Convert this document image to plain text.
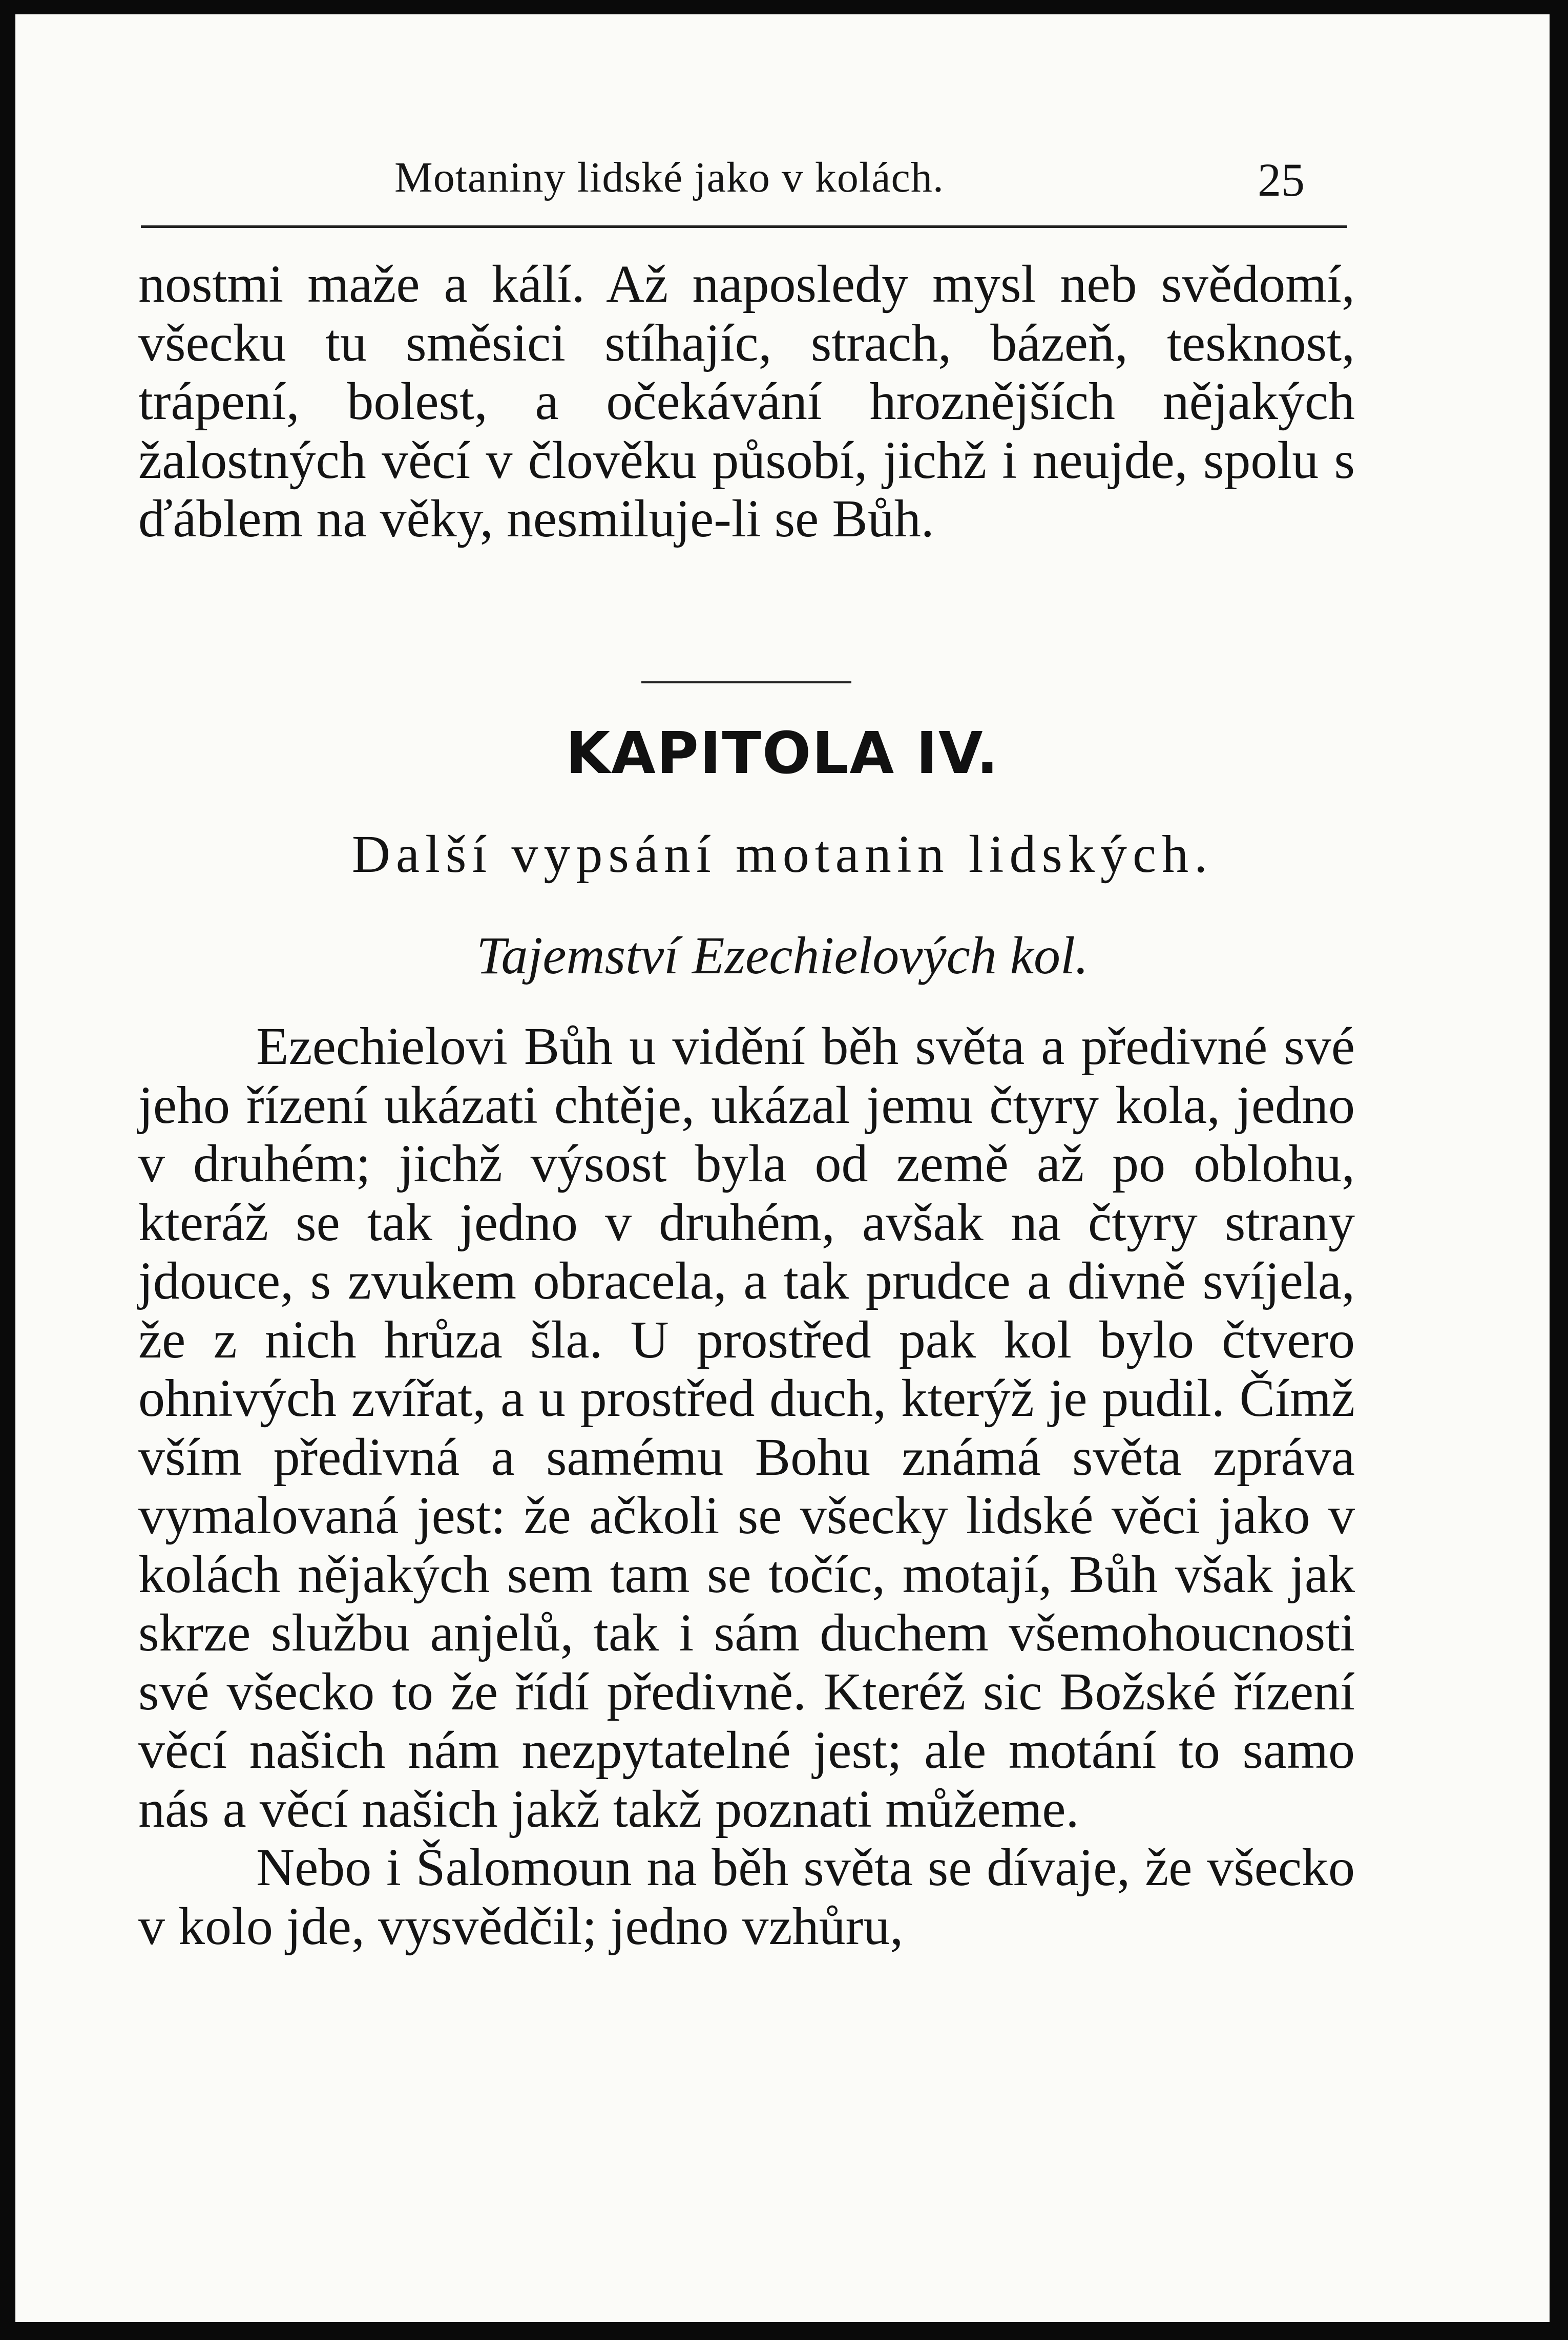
Motaniny lidské jako v kolách.	25

nostmi maže a kálí. Až naposledy mysl neb svědomí, všecku tu směsici stíhajíc, strach, bázeň, tesknost, trápení, bolest, a očekávání hroznějších nějakých žalostných věcí v člověku působí, jichž i neujde, spolu s ďáblem na věky, nesmiluje-li se Bůh.

KAPITOLA IV.
Další vypsání motanin lidských.
Tajemství Ezechielových kol.

Ezechielovi Bůh u vidění běh světa a předivné své jeho řízení ukázati chtěje, ukázal jemu čtyry kola, jedno v druhém; jichž výsost byla od země až po oblohu, kteráž se tak jedno v druhém, avšak na čtyry strany jdouce, s zvukem obracela, a tak prudce a divně svíjela, že z nich hrůza šla. U prostřed pak kol bylo čtvero ohnivých zvířat, a u prostřed duch, kterýž je pudil. Čímž vším předivná a samému Bohu známá světa zpráva vymalovaná jest: že ačkoli se všecky lidské věci jako v kolách nějakých sem tam se točíc, motají, Bůh však jak skrze službu anjelů, tak i sám duchem všemohoucnosti své všecko to že řídí předivně. Kteréž sic Božské řízení věcí našich nám nezpytatelné jest; ale motání to samo nás a věcí našich jakž takž poznati můžeme.

Nebo i Šalomoun na běh světa se dívaje, že všecko v kolo jde, vysvědčil; jedno vzhůru,
